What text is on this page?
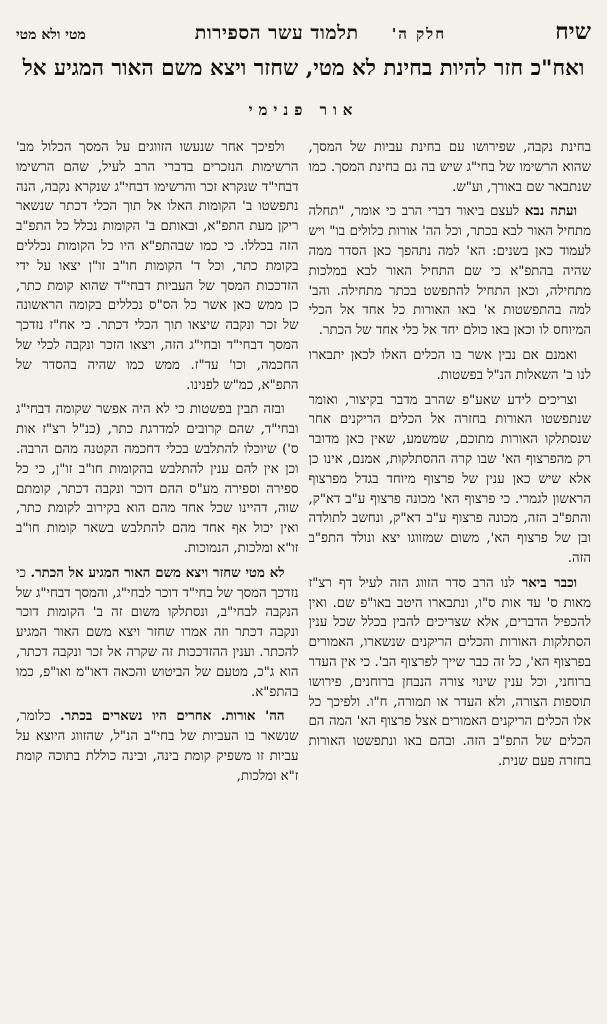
שיח
חלק ה' תלמוד עשר הספירות
מטי ולא מטי
ואח"כ חזר להיות בחינת לא מטי, שחזר ויצא משם האור המגיע אל
אור פנימי

בחינת נקבה, שפירושו עם בחינת עביות של המסך, שהוא הרשימו של בחי"ג שיש בה גם בחינת המסך. כמו שנתבאר שם באורך, וע"ש.

ועתה נבא לעצם ביאור דברי הרב כי אומר, "תחלה מתחיל האור לבא בכתר, וכל הה' אורות כלולים בו" ויש לעמוד כאן בשנים: הא' למה נתהפך כאן הסדר ממה שהיה בהתפ"א כי שם התחיל האור לבא במלכות מתחילה, וכאן התחיל להתפשט בכתר מתחילה. והב' למה בהתפשטות א' באו האורות כל אחד אל הכלי המיוחס לו וכאן באו כולם יחד אל כלי אחד של הכתר.

ואמנם אם נבין אשר בו הכלים האלו לכאן יתבארו לנו ב' השאלות הנ"ל בפשטות.

וצריכים לידע שאע"פ שהרב מדבר בקיצור, ואומר שנתפשטו האורות בחזרה אל הכלים הריקנים אחר שנסתלקו האורות מתוכם, שמשמע, שאין כאן מדובר רק מהפרצוף הא' שבו קרה ההסתלקות, אמנם, אינו כן אלא שיש כאן ענין של פרצוף מיוחד בגדל מפרצוף הראשון לגמרי. כי פרצוף הא' מכונה פרצוף ע"ב דא"ק, והתפ"ב הזה, מכונה פרצוף ע"ב דא"ק, ונחשב לתולדה ובן של פרצוף הא', משום שמזווגו יצא ונולד התפ"ב הזה.

וכבר ביאר לנו הרב סדר הזווג הזה לעיל דף רצ"ז מאות ס' עד אות ס"ו, ונתבארו היטב באו"פ שם. ואין להכפיל הדברים, אלא שצריכים להבין בכלל שכל ענין הסתלקות האורות והכלים הריקנים שנשארו, האמורים בפרצוף הא', כל זה כבר שייך לפרצוף הב'. כי אין העדר ברוחני, וכל ענין שינוי צורה הנבחן ברוחנים, פירושו תוספות הצורה, ולא העדר או תמורה, ח"ו. ולפיכך כל אלו הכלים הריקנים האמורים אצל פרצוף הא' המה הם הכלים של התפ"ב הזה. ובהם באו ונתפשטו האורות בחזרה פעם שנית.

ולפיכך אחר שנעשו הזווגים על המסך הכלול מב' הרשימות הנזכרים בדברי הרב לעיל, שהם הרשימו דבחי"ד שנקרא זכר והרשימו דבחי"ג שנקרא נקבה, הנה נתפשטו ב' הקומות האלו אל תוך הכלי דכתר שנשאר ריקן מעת התפ"א, ובאותם ב' הקומות נכלל כל התפ"ב הזה בכללו. כי כמו שבהתפ"א היו כל הקומות נכללים בקומת כתר, וכל ד' הקומות חו"ב זו"ן יצאו על ידי הזדככות המסך של העביות דבחי"ד שהוא קומת כתר, כן ממש כאן אשר כל הס"ס נכללים בקומה הראשונה של זכר ונקבה שיצאו תוך הכלי דכתר. כי אח"ז נזדכך המסך דבחי"ד ובחי"ג הזה, ויצאו הזכר ונקבה לכלי של החכמה, וכו' עד"ז. ממש כמו שהיה בהסדר של התפ"א, כמ"ש לפנינו.

ובזה תבין בפשטות כי לא היה אפשר שקומה דבחי"ג ובחי"ד, שהם קרובים למדרגת כתר, (כנ"ל רצ"ז אות ס') שיוכלו להתלבש בכלי דחכמה הקטנה מהם הרבה. וכן אין להם ענין להתלבש בהקומות חו"ב זו"ן, כי כל ספירה וספירה מע"ס ההם דוכר ונקבה דכתר, קומתם שוה, דהיינו שכל אחד מהם הוא בקירוב לקומת כתר, ואין יכול אף אחד מהם להתלבש בשאר קומות חו"ב זו"א ומלכות, הנמוכות.

לא מטי שחזר ויצא משם האור המגיע אל הכתר. כי נזדכך המסך של בחי"ד דוכר לבחי"ג, והמסך דבחי"ג של הנקבה לבחי"ב, ונסתלקו משום זה ב' הקומות דוכר ונקבה דכתר וזה אמרו שחזר ויצא משם האור המגיע להכתר. וענין ההזדככות זה שקרה אל זכר ונקבה דכתר, הוא ג"כ, מטעם של הביטוש והכאה דאו"מ ואו"פ, כמו בהתפ"א.

הה' אורות. אחרים היו נשארים בכתר. כלומר, שנשאר בו העביות של בחי"ב הנ"ל, שהזווג היוצא על עביות זו משפיק קומת בינה, ובינה כוללת בתוכה קומת ז"א ומלכות,
